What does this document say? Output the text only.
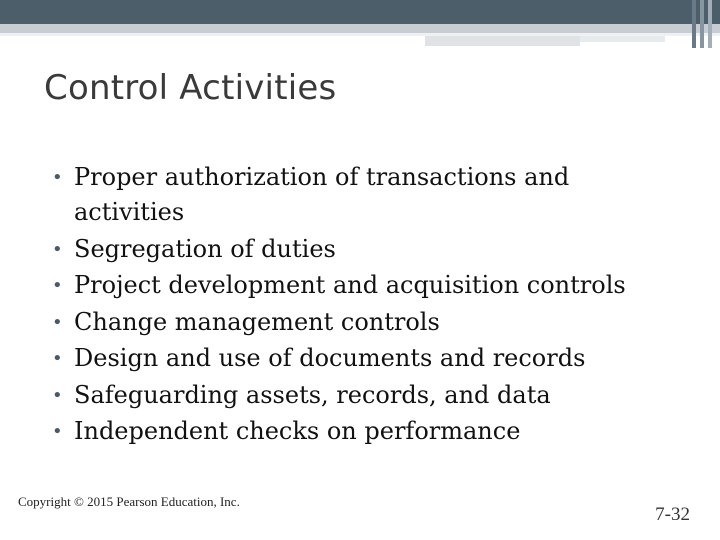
Control Activities
• Proper authorization of transactions and activities
• Segregation of duties
• Project development and acquisition controls
• Change management controls
• Design and use of documents and records
• Safeguarding assets, records, and data
• Independent checks on performance
Copyright © 2015 Pearson Education, Inc.
7-32
